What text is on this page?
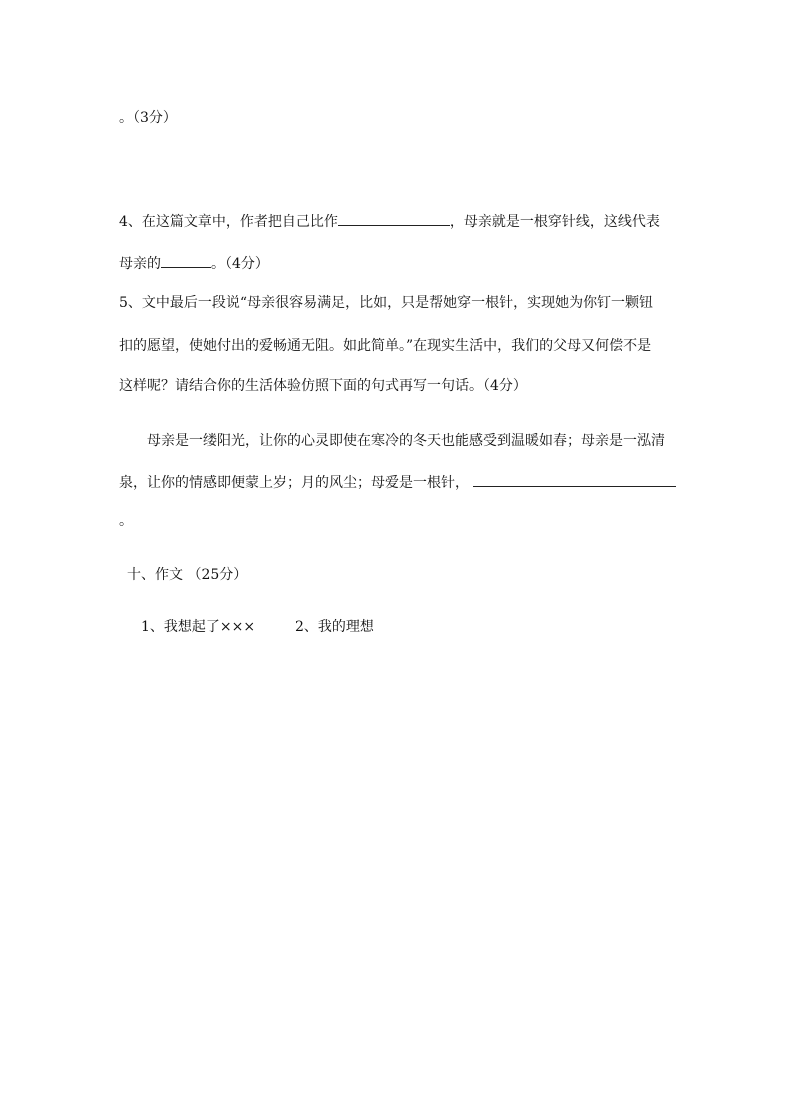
。（3分）
4、在这篇文章中，作者把自己比作	，母亲就是一根穿针线，这线代表
母亲的	。（4分）
5、文中最后一段说“母亲很容易满足，比如，只是帮她穿一根针，实现她为你钉一颗钮
扣的愿望，使她付出的爱畅通无阻。如此简单。”在现实生活中，我们的父母又何偿不是
这样呢？请结合你的生活体验仿照下面的句式再写一句话。（4分）
母亲是一缕阳光，让你的心灵即使在寒冷的冬天也能感受到温暖如春；母亲是一泓清
泉，让你的情感即便蒙上岁；月的风尘；母爱是一根针，
。
十、作文 （25分）
1、我想起了×××	2、我的理想
